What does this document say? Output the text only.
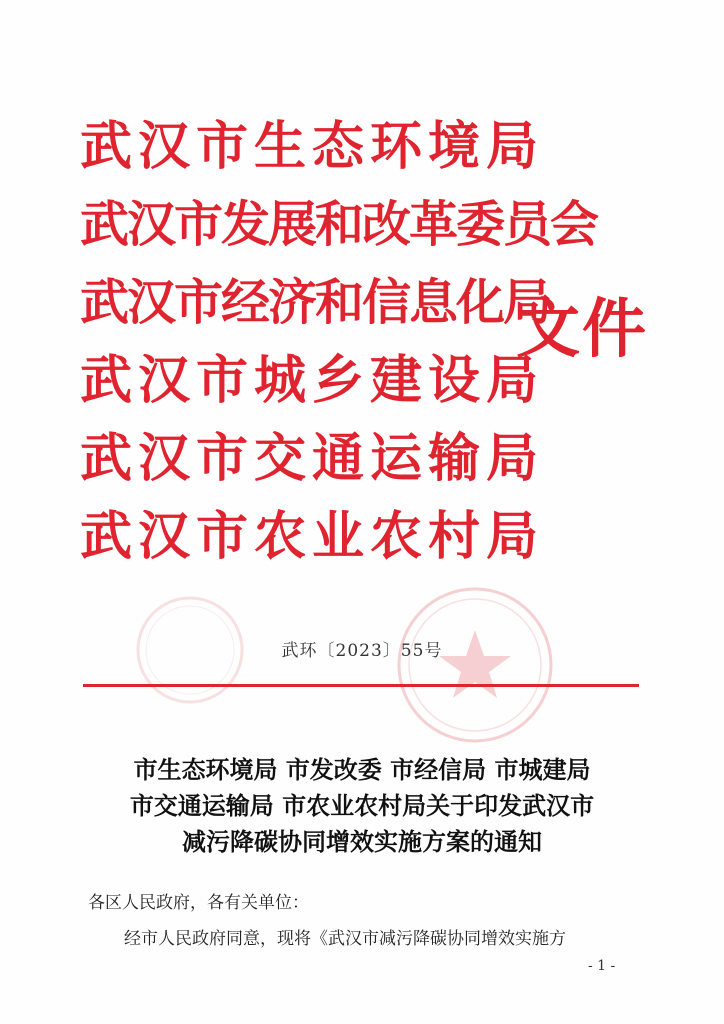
武汉市生态环境局
武汉市发展和改革委员会
武汉市经济和信息化局
武汉市城乡建设局
武汉市交通运输局
武汉市农业农村局
文件
武环〔2023〕55号
市生态环境局 市发改委 市经信局 市城建局
市交通运输局 市农业农村局关于印发武汉市
减污降碳协同增效实施方案的通知
各区人民政府，各有关单位：
经市人民政府同意，现将《武汉市减污降碳协同增效实施方
- 1 -
